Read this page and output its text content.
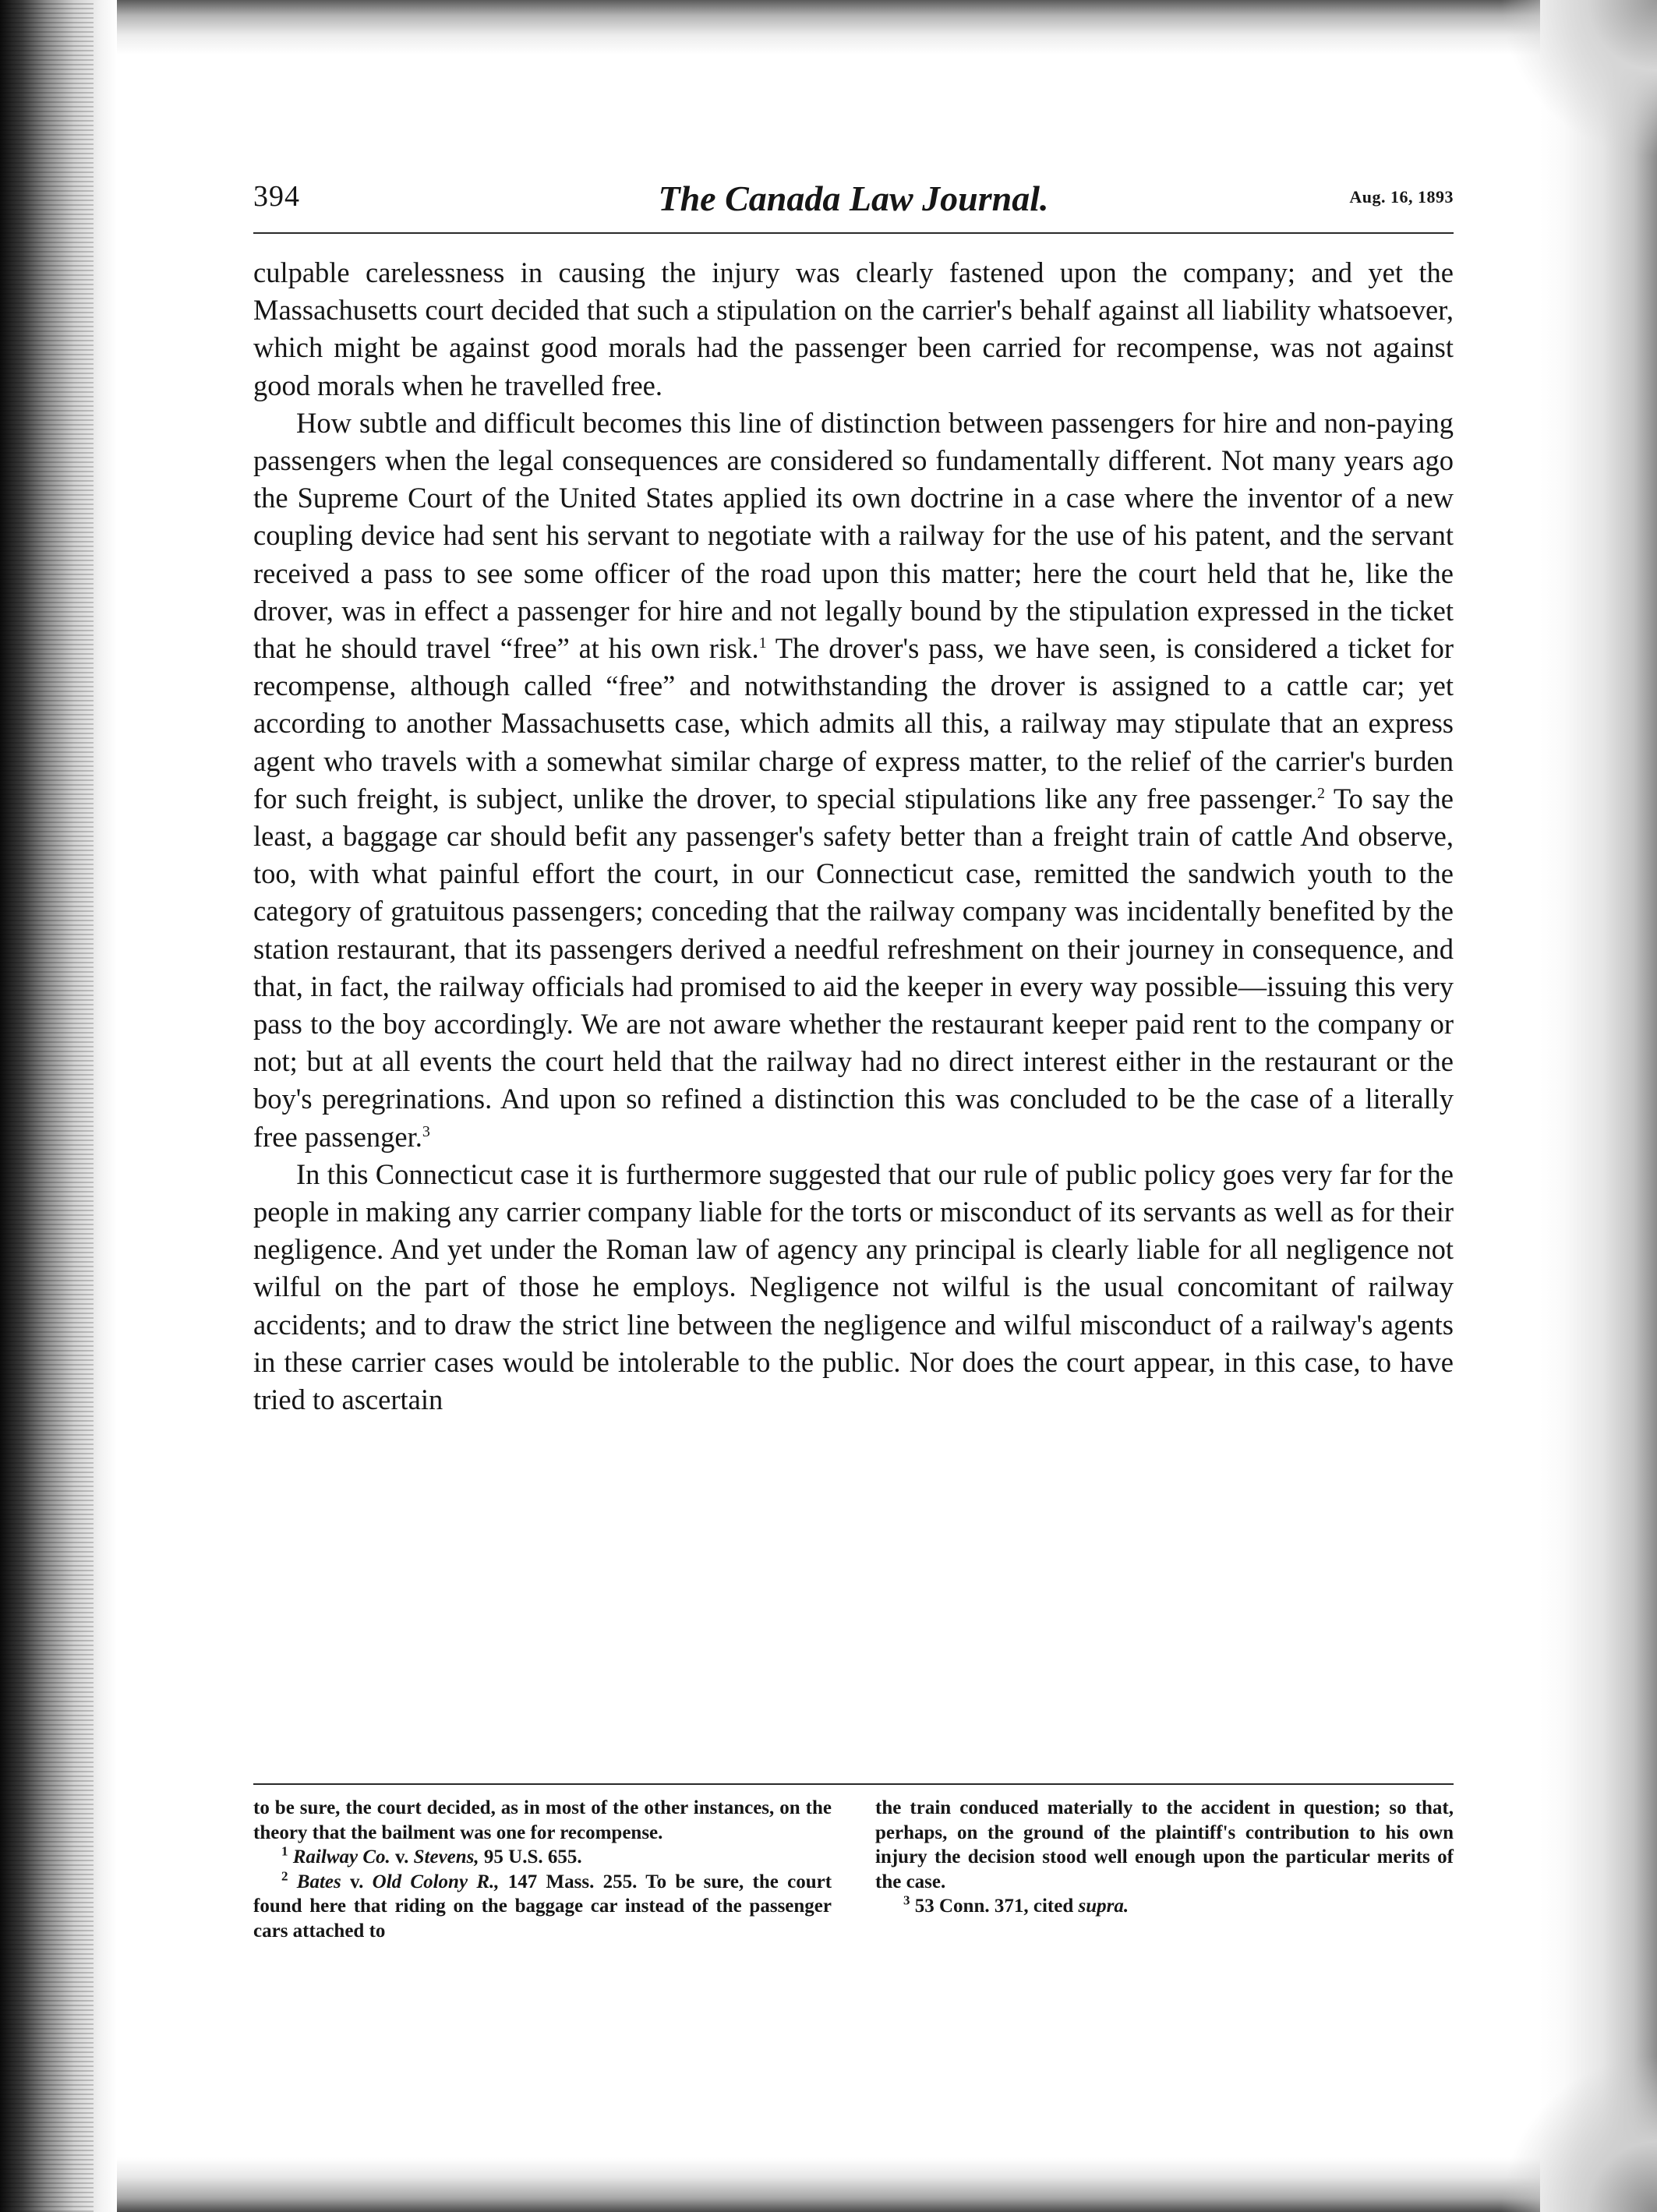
The Canada Law Journal.
394	Aug. 16, 1893

culpable carelessness in causing the injury was clearly fastened upon the company; and yet the Massachusetts court decided that such a stipulation on the carrier's behalf against all liability whatsoever, which might be against good morals had the passenger been carried for recompense, was not against good morals when he travelled free.

How subtle and difficult becomes this line of distinction between passengers for hire and non-paying passengers when the legal consequences are considered so fundamentally different. Not many years ago the Supreme Court of the United States applied its own doctrine in a case where the inventor of a new coupling device had sent his servant to negotiate with a railway for the use of his patent, and the servant received a pass to see some officer of the road upon this matter; here the court held that he, like the drover, was in effect a passenger for hire and not legally bound by the stipulation expressed in the ticket that he should travel “free” at his own risk.$^1$ The drover's pass, we have seen, is considered a ticket for recompense, although called “free” and notwithstanding the drover is assigned to a cattle car; yet according to another Massachusetts case, which admits all this, a railway may stipulate that an express agent who travels with a somewhat similar charge of express matter, to the relief of the carrier's burden for such freight, is subject, unlike the drover, to special stipulations like any free passenger.$^2$ To say the least, a baggage car should befit any passenger's safety better than a freight train of cattle And observe, too, with what painful effort the court, in our Connecticut case, remitted the sandwich youth to the category of gratuitous passengers; conceding that the railway company was incidentally benefited by the station restaurant, that its passengers derived a needful refreshment on their journey in consequence, and that, in fact, the railway officials had promised to aid the keeper in every way possible—issuing this very pass to the boy accordingly. We are not aware whether the restaurant keeper paid rent to the company or not; but at all events the court held that the railway had no direct interest either in the restaurant or the boy's peregrinations. And upon so refined a distinction this was concluded to be the case of a literally free passenger.$^3$

In this Connecticut case it is furthermore suggested that our rule of public policy goes very far for the people in making any carrier company liable for the torts or misconduct of its servants as well as for their negligence. And yet under the Roman law of agency any principal is clearly liable for all negligence not wilful on the part of those he employs. Negligence not wilful is the usual concomitant of railway accidents; and to draw the strict line between the negligence and wilful misconduct of a railway's agents in these carrier cases would be intolerable to the public. Nor does the court appear, in this case, to have tried to ascertain

to be sure, the court decided, as in most of the other instances, on the theory that the bailment was one for recompense.

$^1$ Railway Co. v. Stevens, 95 U.S. 655.

$^2$ Bates v. Old Colony R., 147 Mass. 255. To be sure, the court found here that riding on the baggage car instead of the passenger cars attached to

the train conduced materially to the accident in question; so that, perhaps, on the ground of the plaintiff's contribution to his own injury the decision stood well enough upon the particular merits of the case.

$^3$ 53 Conn. 371, cited supra.
